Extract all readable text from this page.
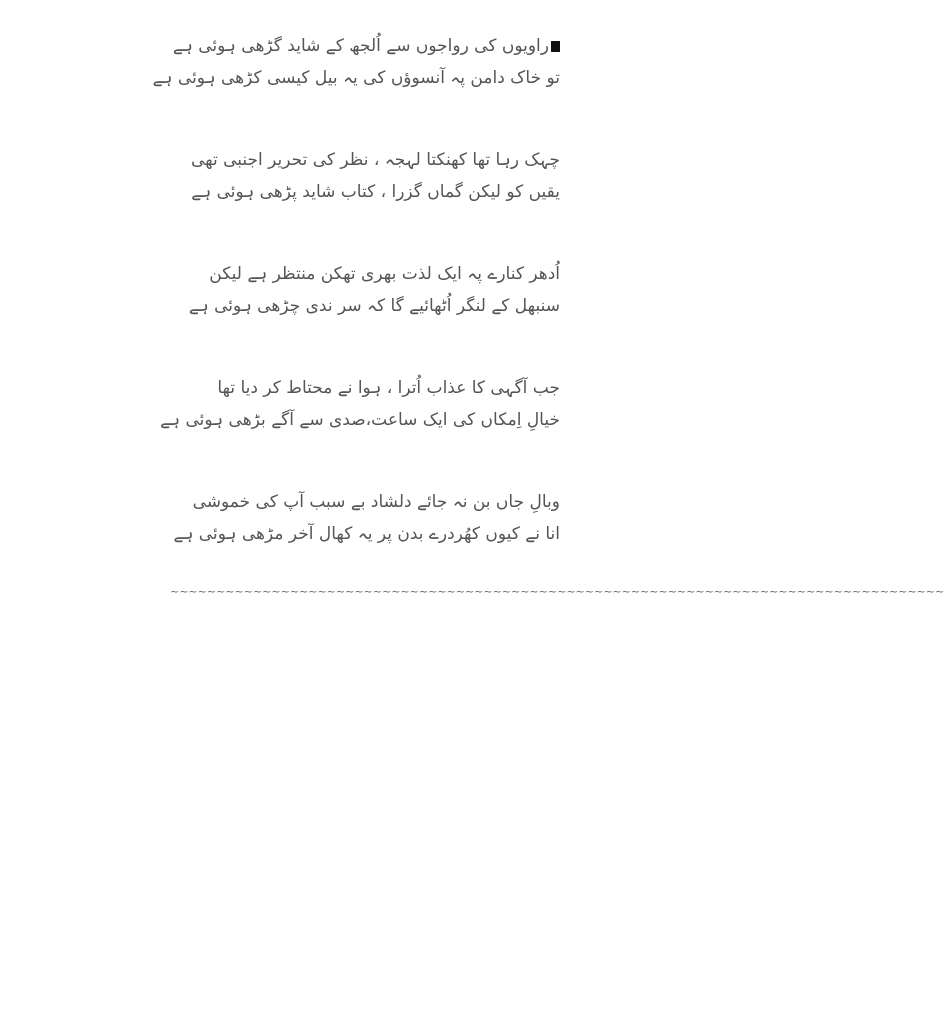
راویوں کی رواجوں سے اُلجھ کے شاید گڑھی ہوئی ہے
تو خاک دامن پہ آنسوؤں کی یہ بیل کیسی کڑھی ہوئی ہے
چہک رہا تھا کھنکتا لہجہ ، نظر کی تحریر اجنبی تھی
یقیں کو لیکن گماں گزرا ، کتاب شاید پڑھی ہوئی ہے
اُدھر کنارے پہ ایک لذت بھری تھکن منتظر ہے لیکن
سنبھل کے لنگر اُٹھائیے گا کہ سر ندی چڑھی ہوئی ہے
جب آگہی کا عذاب اُترا ، ہوا نے محتاط کر دیا تھا
خیالِ اِمکاں کی ایک ساعت،صدی سے آگے بڑھی ہوئی ہے
وبالِ جاں بن نہ جائے دلشاد بے سبب آپ کی خموشی
انا نے کیوں کھُردرے بدن پر یہ کھال آخر مڑھی ہوئی ہے
~~~~~~~~~~~~~~~~~~~~~~~~~~~~~~~~~~~~~~~~~~~~~~~~~~~~~~~~~~~~~~~~~~~~~~~~~~~~~~~~~~~~
